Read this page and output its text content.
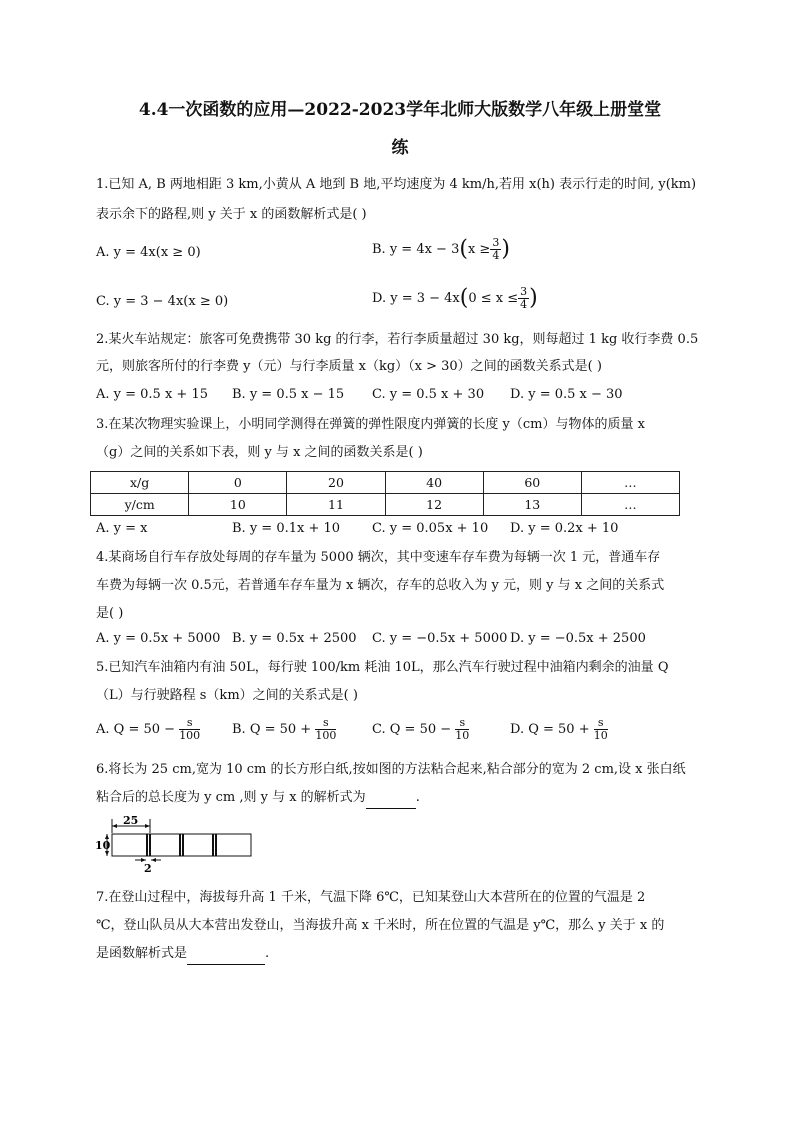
4.4一次函数的应用—2022-2023学年北师大版数学八年级上册堂堂
练
1.已知 A, B 两地相距 3 km,小黄从 A 地到 B 地,平均速度为 4 km/h,若用 x(h) 表示行走的时间, y(km)
表示余下的路程,则 y 关于 x 的函数解析式是( )
A. y = 4x(x ≥ 0)	B. $y = 4x - 3(x \ge \frac{3}{4}$ )
C. y = 3 − 4x(x ≥ 0)	D. $y = 3 - 4x(0 \le x \le \frac{3}{4}$ )
2.某火车站规定：旅客可免费携带 30 kg 的行李，若行李质量超过 30 kg，则每超过 1 kg 收行李费 0.5
元，则旅客所付的行李费 y（元）与行李质量 x（kg）（x > 30）之间的函数关系式是( )
A. y = 0.5 x + 15 B. y = 0.5 x − 15 C. y = 0.5 x + 30 D. y = 0.5 x − 30
3.在某次物理实验课上，小明同学测得在弹簧的弹性限度内弹簧的长度 y（cm）与物体的质量 x
（g）之间的关系如下表，则 y 与 x 之间的函数关系是( )
x/g	0	20	40	60	…
y/cm	10	11	12	13	…
A. y = x	B. y = 0.1x + 10 C. y = 0.05x + 10 D. y = 0.2x + 10
4.某商场自行车存放处每周的存车量为 5000 辆次，其中变速车存车费为每辆一次 1 元，普通车存
车费为每辆一次 0.5元，若普通车存车量为 x 辆次，存车的总收入为 y 元，则 y 与 x 之间的关系式
是( )
A. y = 0.5x + 5000 B. y = 0.5x + 2500 C. y = −0.5x + 5000 D. y = −0.5x + 2500
5.已知汽车油箱内有油 50L，每行驶 100/km 耗油 10L，那么汽车行驶过程中油箱内剩余的油量 Q
（L）与行驶路程 s（km）之间的关系式是( )
A. $Q = 50 - \frac{s}{100} B$. $Q = 50 + \frac{s}{100}$	C. $Q = 50 - \frac{s}{10}$	D. $Q = 50 + \frac{s}{10}$
6.将长为 25 cm,宽为 10 cm 的长方形白纸,按如图的方法粘合起来,粘合部分的宽为 2 cm,设 x 张白纸
粘合后的总长度为 y cm ,则 y 与 x 的解析式为	.
25
10
2
7.在登山过程中，海拔每升高 1 千米，气温下降 6℃，已知某登山大本营所在的位置的气温是 2
℃，登山队员从大本营出发登山，当海拔升高 x 千米时，所在位置的气温是 y℃，那么 y 关于 x 的
是函数解析式是	.
